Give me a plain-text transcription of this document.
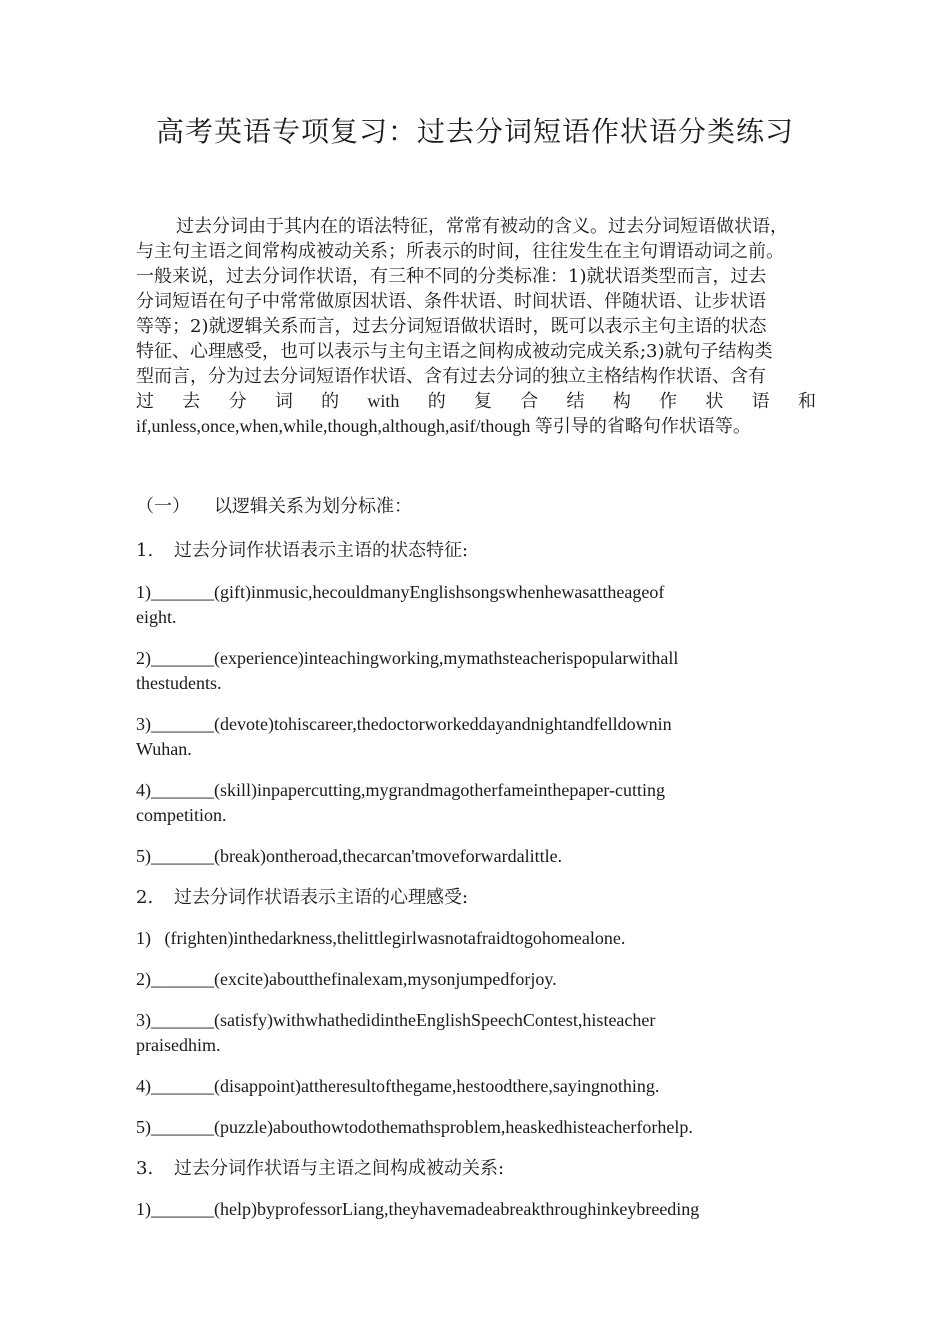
高考英语专项复习：过去分词短语作状语分类练习
过去分词由于其内在的语法特征，常常有被动的含义。过去分词短语做状语，
与主句主语之间常构成被动关系；所表示的时间，往往发生在主句谓语动词之前。
一般来说，过去分词作状语，有三种不同的分类标准：1)就状语类型而言，过去
分词短语在句子中常常做原因状语、条件状语、时间状语、伴随状语、让步状语
等等；2)就逻辑关系而言，过去分词短语做状语时，既可以表示主句主语的状态
特征、心理感受，也可以表示与主句主语之间构成被动完成关系;3)就句子结构类
型而言，分为过去分词短语作状语、含有过去分词的独立主格结构作状语、含有
过 去 分 词 的 with 的 复 合 结 构 作 状 语 和
if,unless,once,when,while,though,although,asif/though 等引导的省略句作状语等。
（一） 以逻辑关系为划分标准：
1. 过去分词作状语表示主语的状态特征:
1)_______(gift)inmusic,hecouldmanyEnglishsongswhenhewasattheageof
eight.
2)_______(experience)inteachingworking,mymathsteacherispopularwithall
thestudents.
3)_______(devote)tohiscareer,thedoctorworkeddayandnightandfelldownin
Wuhan.
4)_______(skill)inpapercutting,mygrandmagotherfameinthepaper-cutting
competition.
5)_______(break)ontheroad,thecarcan'tmoveforwardalittle.
2. 过去分词作状语表示主语的心理感受:
1)   (frighten)inthedarkness,thelittlegirlwasnotafraidtogohomealone.
2)_______(excite)aboutthefinalexam,mysonjumpedforjoy.
3)_______(satisfy)withwhathedidintheEnglishSpeechContest,histeacher
praisedhim.
4)_______(disappoint)attheresultofthegame,hestoodthere,sayingnothing.
5)_______(puzzle)abouthowtodothemathsproblem,heaskedhisteacherforhelp.
3. 过去分词作状语与主语之间构成被动关系:
1)_______(help)byprofessorLiang,theyhavemadeabreakthroughinkeybreeding
